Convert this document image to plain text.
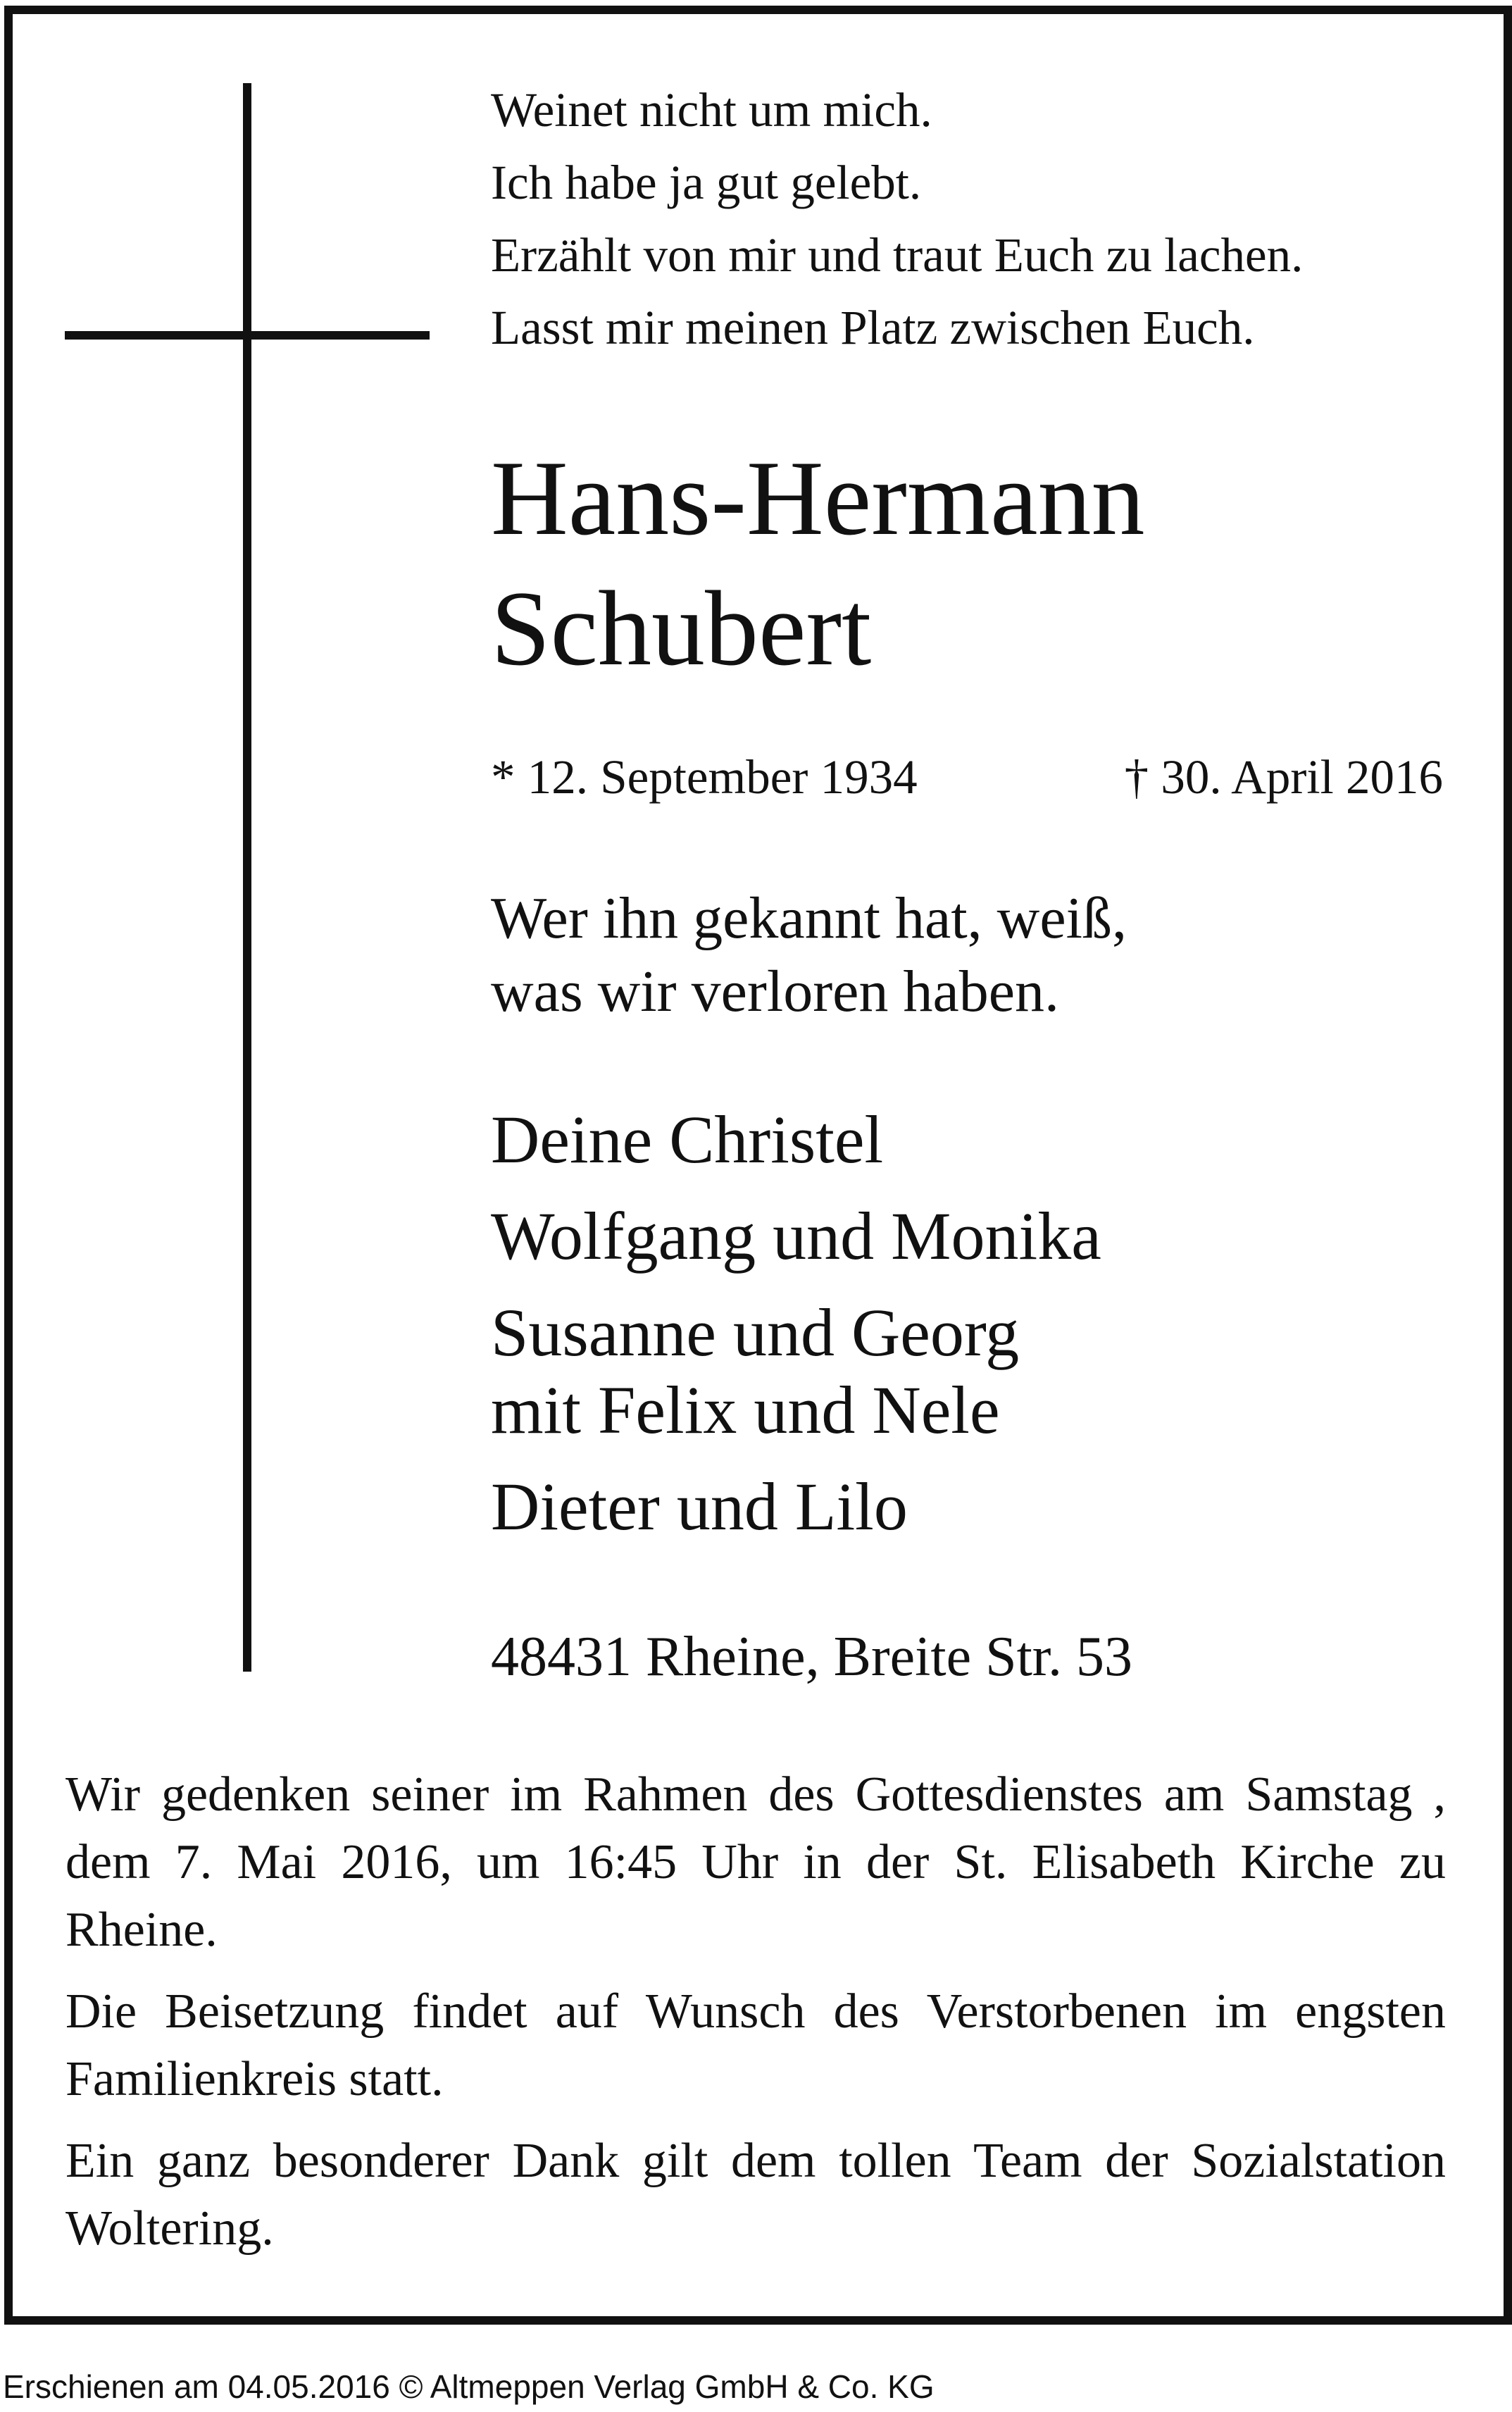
Weinet nicht um mich.
Ich habe ja gut gelebt.
Erzählt von mir und traut Euch zu lachen.
Lasst mir meinen Platz zwischen Euch.
Hans-Hermann
Schubert
* 12. September 1934	† 30. April 2016
Wer ihn gekannt hat, weiß,
was wir verloren haben.
Deine Christel
Wolfgang und Monika
Susanne und Georg
mit Felix und Nele
Dieter und Lilo
48431 Rheine, Breite Str. 53

Wir gedenken seiner im Rahmen des Gottesdienstes am Samstag , dem 7. Mai 2016, um 16:45 Uhr in der St. Elisabeth Kirche zu Rheine.

Die Beisetzung findet auf Wunsch des Verstorbenen im engsten Familienkreis statt.

Ein ganz besonderer Dank gilt dem tollen Team der Sozialstation Woltering.

Erschienen am 04.05.2016 © Altmeppen Verlag GmbH & Co. KG
